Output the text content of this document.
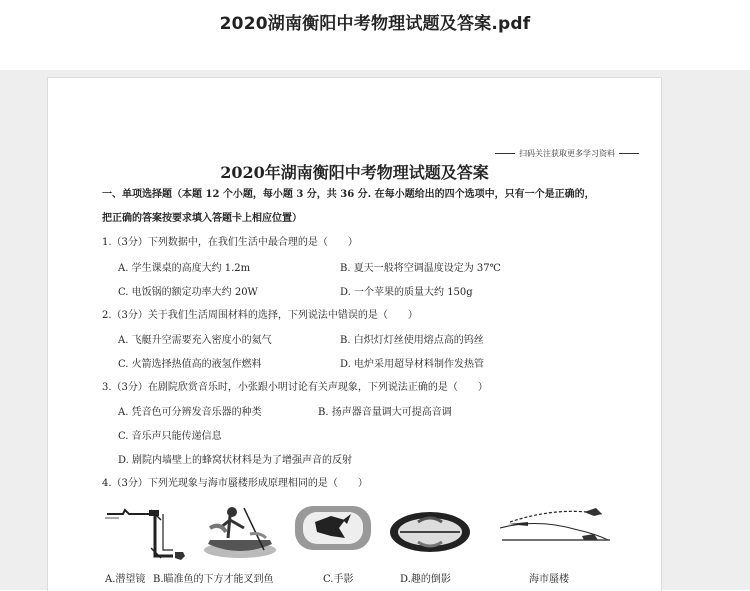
2020湖南衡阳中考物理试题及答案.pdf
扫码关注获取更多学习资料
2020年湖南衡阳中考物理试题及答案
一、单项选择题（本题 12 个小题，每小题 3 分，共 36 分. 在每小题给出的四个选项中，只有一个是正确的，
把正确的答案按要求填入答题卡上相应位置）
1.（3分）下列数据中，在我们生活中最合理的是（　　）
A. 学生课桌的高度大约 1.2m	B. 夏天一般将空调温度设定为 37℃
C. 电饭锅的额定功率大约 20W	D. 一个苹果的质量大约 150g
2.（3分）关于我们生活周围材料的选择，下列说法中错误的是（　　）
A. 飞艇升空需要充入密度小的氦气	B. 白炽灯灯丝使用熔点高的钨丝
C. 火箭选择热值高的液氢作燃料	D. 电炉采用超导材料制作发热管
3.（3分）在剧院欣赏音乐时，小张跟小明讨论有关声现象，下列说法正确的是（　　）
A. 凭音色可分辨发音乐器的种类	B. 扬声器音量调大可提高音调
C. 音乐声只能传递信息
D. 剧院内墙壁上的蜂窝状材料是为了增强声音的反射
4.（3分）下列光现象与海市蜃楼形成原理相同的是（　　）
A.潜望镜 B.瞄准鱼的下方才能叉到鱼	C.手影	D.趣的倒影	海市蜃楼
